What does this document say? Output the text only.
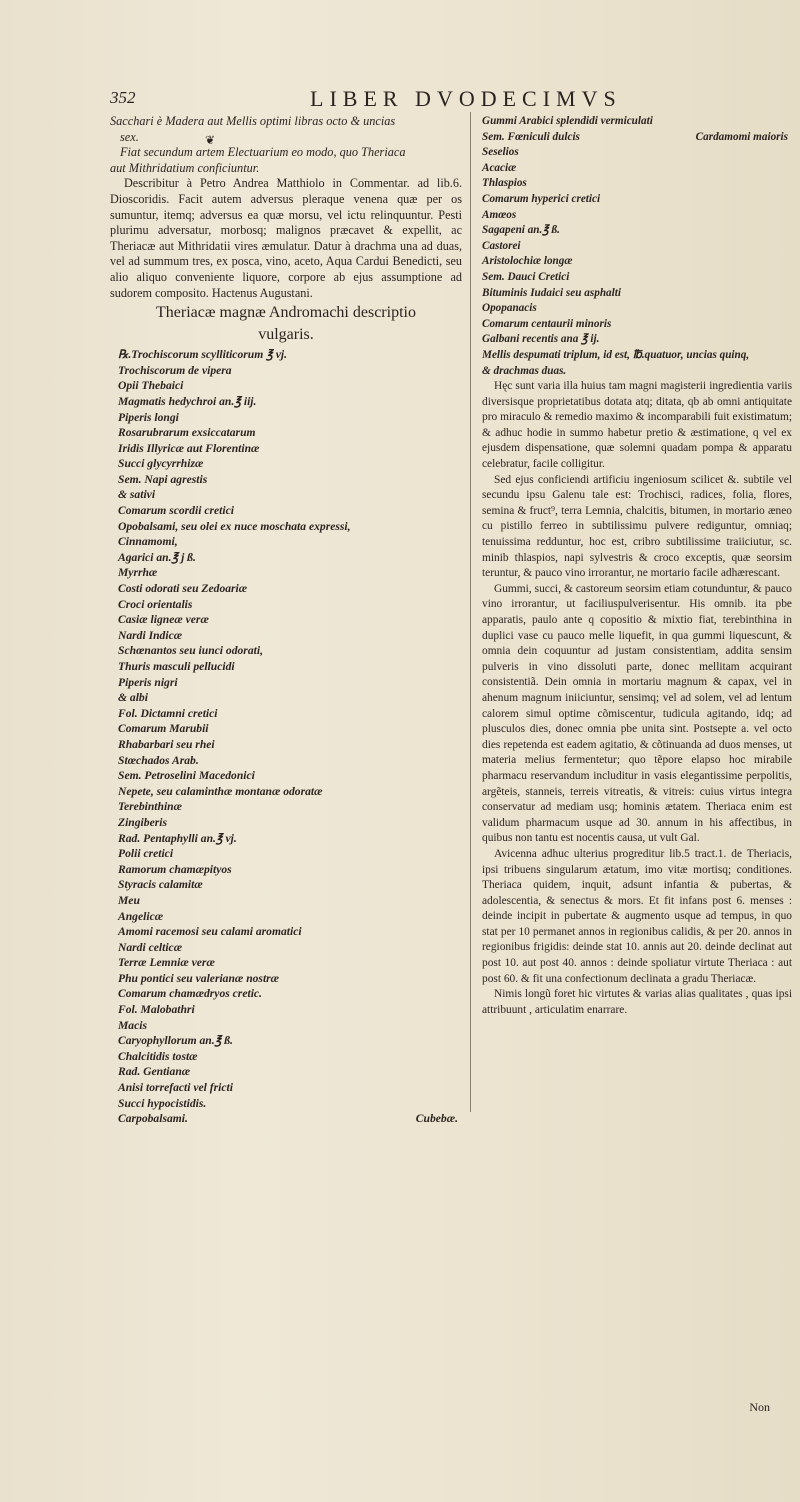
352	LIBER DVODECIMVS
❦
Sacchari è Madera aut Mellis optimi libras octo & uncias
sex.
Fiat secundum artem Electuarium eo modo, quo Theriaca
aut Mithridatium conficiuntur.

Describitur à Petro Andrea Matthiolo in Commentar. ad lib.6. Dioscoridis. Facit autem adversus pleraque venena quæ per os sumuntur, itemq; adversus ea quæ morsu, vel ictu relinquuntur. Pesti plurimu adversatur, morbosq; malignos præcavet & expellit, ac Theriacæ aut Mithridatii vires æmulatur. Datur à drachma una ad duas, vel ad summum tres, ex posca, vino, aceto, Aqua Cardui Benedicti, seu alio aliquo conveniente liquore, corpore ab ejus assumptione ad sudorem composito. Hactenus Augustani.

Theriacæ magnæ Andromachi descriptio
vulgaris.
℞.Trochiscorum scylliticorum ℥ vj.
Trochiscorum de vipera
Opii Thebaici
Magmatis hedychroi an.℥ iij.
Piperis longi
Rosarubrarum exsiccatarum
Iridis Illyricæ aut Florentinæ
Succi glycyrrhizæ
Sem. Napi agrestis
& sativi
Comarum scordii cretici
Opobalsami, seu olei ex nuce moschata expressi,
Cinnamomi,
Agarici an.℥ j ß.
Myrrhæ
Costi odorati seu Zedoariæ
Croci orientalis
Casiæ ligneæ veræ
Nardi Indicæ
Schœnantos seu iunci odorati,
Thuris masculi pellucidi
Piperis nigri
& albi
Fol. Dictamni cretici
Comarum Marubii
Rhabarbari seu rhei
Stœchados Arab.
Sem. Petroselini Macedonici
Nepete, seu calaminthæ montanæ odoratæ
Terebinthinæ
Zingiberis
Rad. Pentaphylli an.℥ vj.
Polii cretici
Ramorum chamæpityos
Styracis calamitæ
Meu
Angelicæ
Amomi racemosi seu calami aromatici
Nardi celticæ
Terræ Lemniæ veræ
Phu pontici seu valerianæ nostræ
Comarum chamædryos cretic.
Fol. Malobathri
Macis
Caryophyllorum an.℥ ß.
Chalcitidis tostæ
Rad. Gentianæ
Anisi torrefacti vel fricti
Succi hypocistidis.
Carpobalsami.	Cubebæ.
Gummi Arabici splendidi vermiculati
Sem. Fœniculi dulcis	Cardamomi maioris
Seselios
Acaciæ
Thlaspios
Comarum hyperici cretici
Amœos
Sagapeni an.℥ ß.
Castorei
Aristolochiæ longæ
Sem. Dauci Cretici
Bituminis Iudaici seu asphalti
Opopanacis
Comarum centaurii minoris
Galbani recentis ana ℥ ij.
Mellis despumati triplum, id est, ℔.quatuor, uncias quinq,
& drachmas duas.

Hęc sunt varia illa huius tam magni magisterii ingredientia variis diversisque proprietatibus dotata atq; ditata, qb ab omni antiquitate pro miraculo & remedio maximo & incomparabili fuit existimatum; & adhuc hodie in summo habetur pretio & æstimatione, q vel ex ejusdem dispensatione, quæ solemni quadam pompa & apparatu celebratur, facile colligitur.

Sed ejus conficiendi artificiu ingeniosum scilicet &. subtile vel secundu ipsu Galenu tale est: Trochisci, radices, folia, flores, semina & fruct⁹, terra Lemnia, chalcitis, bitumen, in mortario æneo cu pistillo ferreo in subtilissimu pulvere rediguntur, omniaq; tenuissima redduntur, hoc est, cribro subtilissime traiiciutur, sc. minib thlaspios, napi sylvestris & croco exceptis, quæ seorsim teruntur, & pauco vino irrorantur, ne mortario facile adhærescant.

Gummi, succi, & castoreum seorsim etiam cotunduntur, & pauco vino irrorantur, ut faciliuspulverisentur. His omnib. ita pbe apparatis, paulo ante q copositio & mixtio fiat, terebinthina in duplici vase cu pauco melle liquefit, in qua gummi liquescunt, & omnia dein coquuntur ad justam consistentiam, addita sensim pulveris in vino dissoluti parte, donec mellitam acquirant consistentiã. Dein omnia in mortariu magnum & capax, vel in ahenum magnum iniiciuntur, sensimq; vel ad solem, vel ad lentum calorem simul optime cõmiscentur, tudicula agitando, idq; ad plusculos dies, donec omnia pbe unita sint. Postsepte a. vel octo dies repetenda est eadem agitatio, & cõtinuanda ad duos menses, ut materia melius fermentetur; quo tẽpore elapso hoc mirabile pharmacu reservandum includitur in vasis elegantissime perpolitis, argẽteis, stanneis, terreis vitreatis, & vitreis: cuius virtus integra conservatur ad mediam usq; hominis ætatem. Theriaca enim est validum pharmacum usque ad 30. annum in his affectibus, in quibus non tantu est nocentis causa, ut vult Gal.

Avicenna adhuc ulterius progreditur lib.5 tract.1. de Theriacis, ipsi tribuens singularum ætatum, imo vitæ mortisq; conditiones. Theriaca quidem, inquit, adsunt infantia & pubertas, & adolescentia, & senectus & mors. Et fit infans post 6. menses : deinde incipit in pubertate & augmento usque ad tempus, in quo stat per 10 permanet annos in regionibus calidis, & per 20. annos in regionibus frigidis: deinde stat 10. annis aut 20. deinde declinat aut post 10. aut post 40. annos : deinde spoliatur virtute Theriaca : aut post 60. & fit una confectionum declinata a gradu Theriacæ.

Nimis longũ foret hic virtutes & varias alias qualitates , quas ipsi attribuunt , articulatim enarrare.

Non
